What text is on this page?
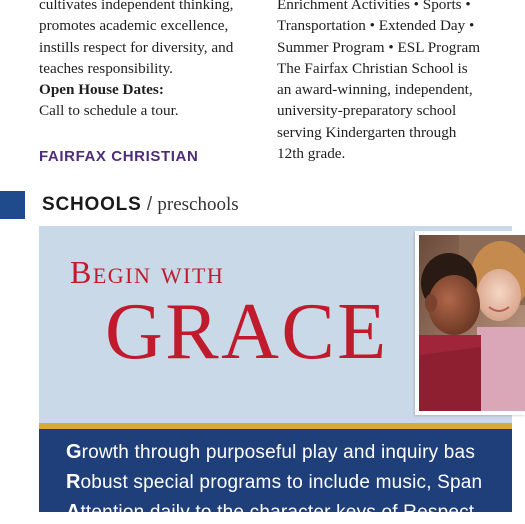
cultivates independent thinking,

promotes academic excellence,

instills respect for diversity, and

teaches responsibility.

Open House Dates:

Call to schedule a tour.

FAIRFAX CHRISTIAN

Enrichment Activities • Sports •

Transportation • Extended Day •

Summer Program • ESL Program

The Fairfax Christian School is

an award-winning, independent,

university-preparatory school

serving Kindergarten through

12th grade.

SCHOOLS / preschools
Begin with
GRACE
Growth through purposeful play and inquiry bas
Robust special programs to include music, Span
Attention daily to the character keys of Respect
